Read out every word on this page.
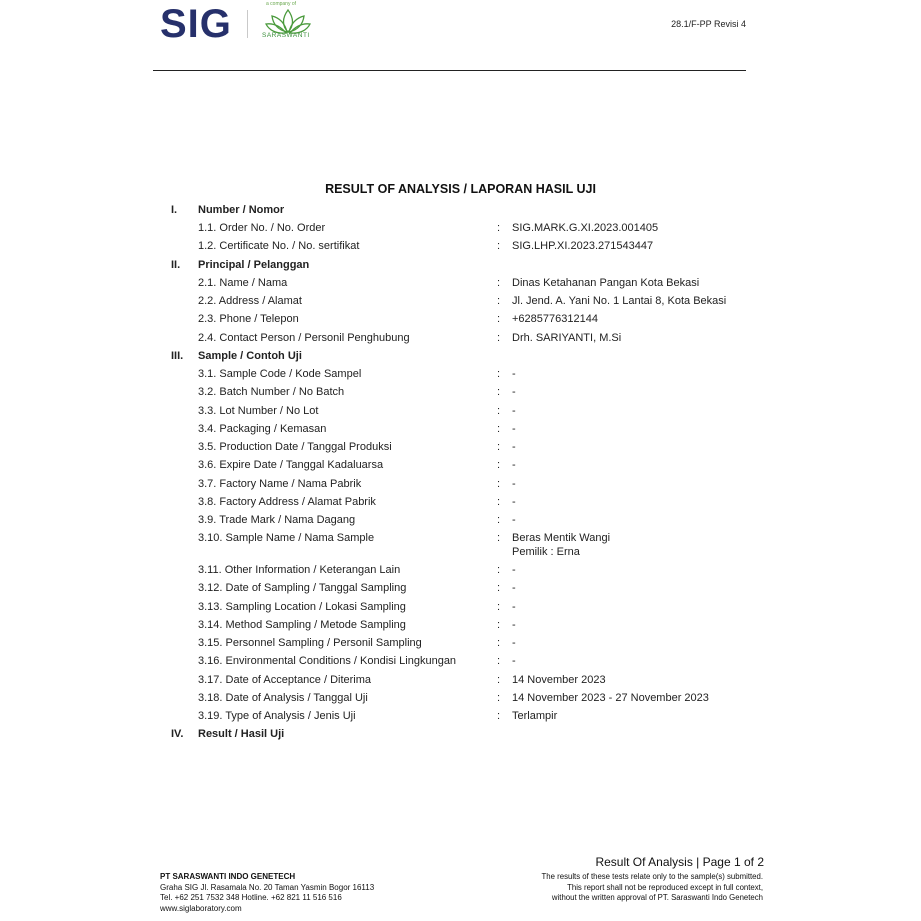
SIG	a company of
SARASWANTI
28.1/F-PP Revisi 4
RESULT OF ANALYSIS / LAPORAN HASIL UJI
I. Number / Nomor
1.1. Order No. / No. Order	: SIG.MARK.G.XI.2023.001405
1.2. Certificate No. / No. sertifikat	: SIG.LHP.XI.2023.271543447
II. Principal / Pelanggan
2.1. Name / Nama	: Dinas Ketahanan Pangan Kota Bekasi
2.2. Address / Alamat	: Jl. Jend. A. Yani No. 1 Lantai 8, Kota Bekasi
2.3. Phone / Telepon	: +6285776312144
2.4. Contact Person / Personil Penghubung	: Drh. SARIYANTI, M.Si
III. Sample / Contoh Uji
3.1. Sample Code / Kode Sampel	: -
3.2. Batch Number / No Batch	: -
3.3. Lot Number / No Lot	: -
3.4. Packaging / Kemasan	: -
3.5. Production Date / Tanggal Produksi	: -
3.6. Expire Date / Tanggal Kadaluarsa	: -
3.7. Factory Name / Nama Pabrik	: -
3.8. Factory Address / Alamat Pabrik	: -
3.9. Trade Mark / Nama Dagang	: -
3.10. Sample Name / Nama Sample	: Beras Mentik Wangi
Pemilik : Erna
3.11. Other Information / Keterangan Lain	: -
3.12. Date of Sampling / Tanggal Sampling	: -
3.13. Sampling Location / Lokasi Sampling	: -
3.14. Method Sampling / Metode Sampling	: -
3.15. Personnel Sampling / Personil Sampling	: -
3.16. Environmental Conditions / Kondisi Lingkungan	: -
3.17. Date of Acceptance / Diterima	: 14 November 2023
3.18. Date of Analysis / Tanggal Uji	: 14 November 2023 - 27 November 2023
3.19. Type of Analysis / Jenis Uji	: Terlampir
IV. Result / Hasil Uji
Result Of Analysis | Page 1 of 2
PT SARASWANTI INDO GENETECH
Graha SIG Jl. Rasamala No. 20 Taman Yasmin Bogor 16113
Tel. +62 251 7532 348 Hotline. +62 821 11 516 516
www.siglaboratory.com
The results of these tests relate only to the sample(s) submitted.
This report shall not be reproduced except in full context,
without the written approval of PT. Saraswanti Indo Genetech
